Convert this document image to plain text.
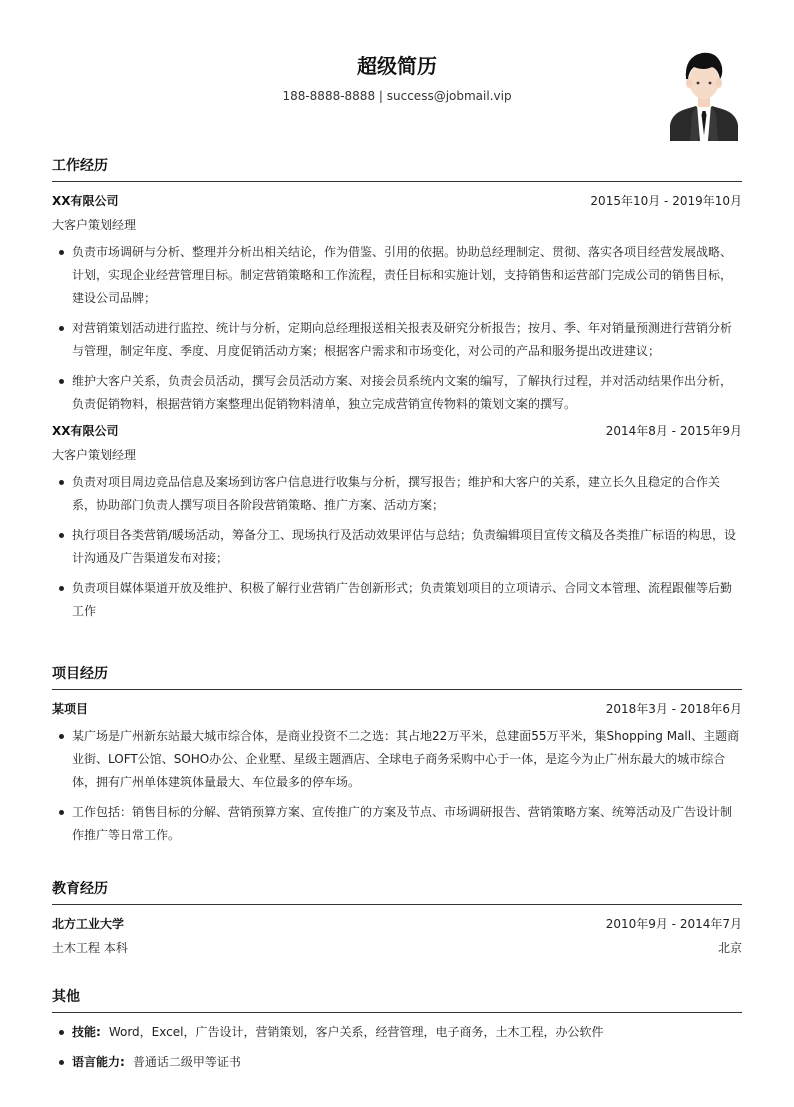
超级简历
188-8888-8888 | success@jobmail.vip
工作经历
XX有限公司	2015年10月 - 2019年10月
大客户策划经理
负责市场调研与分析、整理并分析出相关结论，作为借鉴、引用的依据。协助总经理制定、贯彻、落实各项目经营发展战略、计划，实现企业经营管理目标。制定营销策略和工作流程，责任目标和实施计划，支持销售和运营部门完成公司的销售目标，建设公司品牌；
对营销策划活动进行监控、统计与分析，定期向总经理报送相关报表及研究分析报告；按月、季、年对销量预测进行营销分析与管理，制定年度、季度、月度促销活动方案；根据客户需求和市场变化，对公司的产品和服务提出改进建议；
维护大客户关系，负责会员活动，撰写会员活动方案、对接会员系统内文案的编写，了解执行过程，并对活动结果作出分析，负责促销物料，根据营销方案整理出促销物料清单，独立完成营销宣传物料的策划文案的撰写。
XX有限公司	2014年8月 - 2015年9月
大客户策划经理
负责对项目周边竞品信息及案场到访客户信息进行收集与分析，撰写报告；维护和大客户的关系，建立长久且稳定的合作关系，协助部门负责人撰写项目各阶段营销策略、推广方案、活动方案；
执行项目各类营销/暖场活动，筹备分工、现场执行及活动效果评估与总结；负责编辑项目宣传文稿及各类推广标语的构思，设计沟通及广告渠道发布对接；
负责项目媒体渠道开放及维护、积极了解行业营销广告创新形式；负责策划项目的立项请示、合同文本管理、流程跟催等后勤工作
项目经历
某项目	2018年3月 - 2018年6月
某广场是广州新东站最大城市综合体，是商业投资不二之选：其占地22万平米，总建面55万平米，集Shopping Mall、主题商业街、LOFT公馆、SOHO办公、企业墅、星级主题酒店、全球电子商务采购中心于一体，是迄今为止广州东最大的城市综合体，拥有广州单体建筑体量最大、车位最多的停车场。
工作包括：销售目标的分解、营销预算方案、宣传推广的方案及节点、市场调研报告、营销策略方案、统筹活动及广告设计制作推广等日常工作。
教育经历
北方工业大学	2010年9月 - 2014年7月
土木工程 本科	北京
其他
技能: Word，Excel，广告设计，营销策划，客户关系，经营管理，电子商务，土木工程，办公软件
语言能力: 普通话二级甲等证书
